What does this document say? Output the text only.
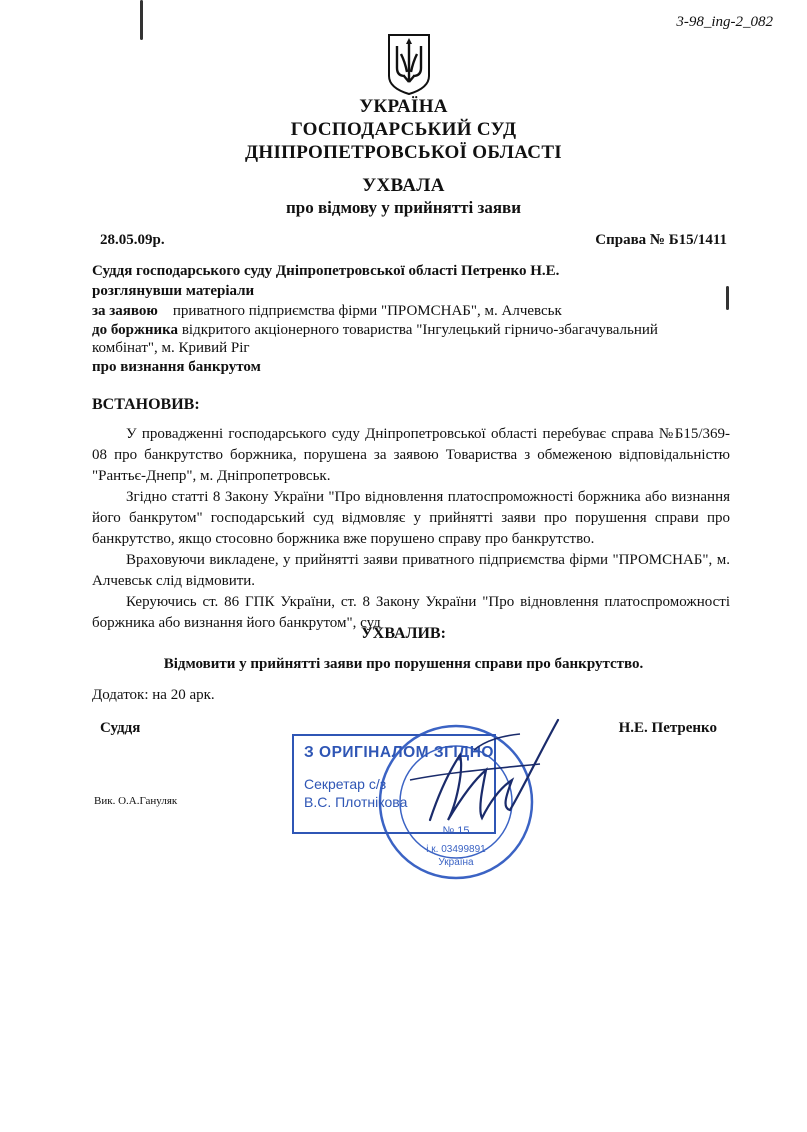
3-98_ing-2_082
УКРАЇНА
ГОСПОДАРСЬКИЙ СУД
ДНІПРОПЕТРОВСЬКОЇ ОБЛАСТІ
УХВАЛА
про відмову у прийнятті заяви
28.05.09р.	Справа № Б15/1411
Суддя господарського суду Дніпропетровської області Петренко Н.Е.
розглянувши матеріали
за заявою приватного підприємства фірми "ПРОМСНАБ", м. Алчевськ
до боржника відкритого акціонерного товариства "Інгулецький гірничо-збагачувальний
комбінат", м. Кривий Ріг
про визнання банкрутом
ВСТАНОВИВ:

У провадженні господарського суду Дніпропетровської області перебуває справа №Б15/369-08 про банкрутство боржника, порушена за заявою Товариства з обмеженою відповідальністю "Рантьє-Днепр", м. Дніпропетровськ.

Згідно статті 8 Закону України "Про відновлення платоспроможності боржника або визнання його банкрутом" господарський суд відмовляє у прийнятті заяви про порушення справи про банкрутство, якщо стосовно боржника вже порушено справу про банкрутство.

Враховуючи викладене, у прийнятті заяви приватного підприємства фірми "ПРОМСНАБ", м. Алчевськ слід відмовити.

Керуючись ст. 86 ГПК України, ст. 8 Закону України "Про відновлення платоспроможності боржника або визнання його банкрутом", суд

УХВАЛИВ:
Відмовити у прийнятті заяви про порушення справи про банкрутство.
Додаток: на 20 арк.
Суддя	Н.Е. Петренко
Вик. О.А.Гануляк
№ 15
і.к. 03499891
Україна
З ОРИГІНАЛОМ ЗГІДНО
Секретар с/з
В.С. Плотнікова
